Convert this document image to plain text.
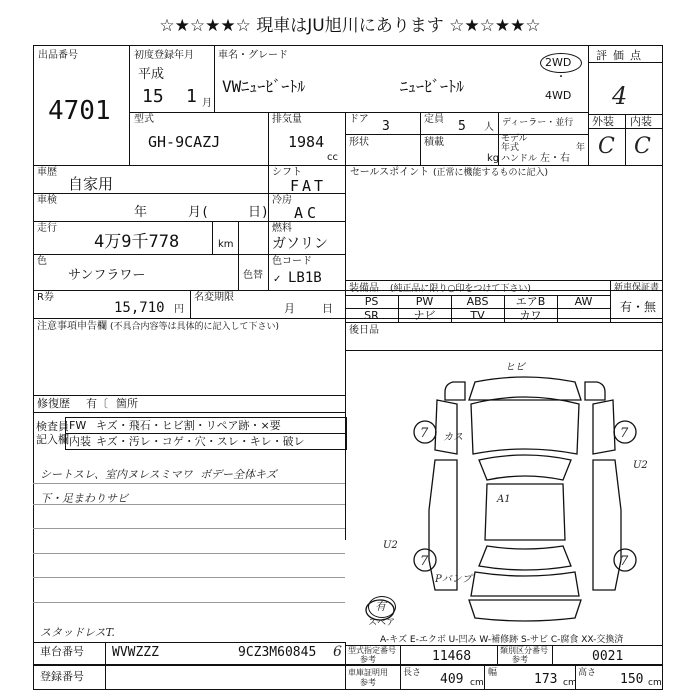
☆★☆★★☆ 現車はJU旭川にあります ☆★☆★★☆
出品番号
4701
初度登録年月
平成
15 1 月
車名・グレード
VWﾆｭｰﾋﾞｰﾄﾙ	ﾆｭｰﾋﾞｰﾄﾙ
2WD
・
4WD
評価点
4
外装 内装
C C
型式
GH-9CAZJ
排気量
1984
cc
ドア 3	定員 5 人 ディーラー・並行
形状	積載
kg
モデル
年式	年
ハンドル 左・右
車歴
自家用
車検
年	月(	日)
走行
4万9千778	km
シフト
FAT
冷房
AC
燃料
ガソリン
色
サンフラワー	色替
色コード
✓ LB1B
セールスポイント (正常に機能するものに記入)
R券
15,710 円
名変期限
月 日
装備品 (純正品に限り○印をつけて下さい)	新車保証書
有・無
PS	PW	ABS	エアB	AW
SR	ナビ	TV	カワ
後日品
注意事項申告欄 (不具合内容等は具体的に記入して下さい)
修復歴 有〔 箇所
検査員
記入欄
FW キズ・飛石・ヒビ割・リペア跡・×要
内装 キズ・汚レ・コゲ・穴・スレ・キレ・破レ
シートスレ、室内ヌレスミマワ ボデー全体キズ
下・足まわりサビ
スタッドレスT.
ヒビ
7 カス	7
U2
A1
U2
7	7
Pバンプ
有
スペア
A-キズ E-エクボ U-凹み W-補修跡 S-サビ C-腐食 XX-交換済
車台番号 WVWZZZ	9CZ3M60845 6
登録番号
型式指定番号
参考	11468	類別区分番号
参考	0021
車庫証明用
参考
長さ 409 cm
幅	173 cm
高さ 150 cm
